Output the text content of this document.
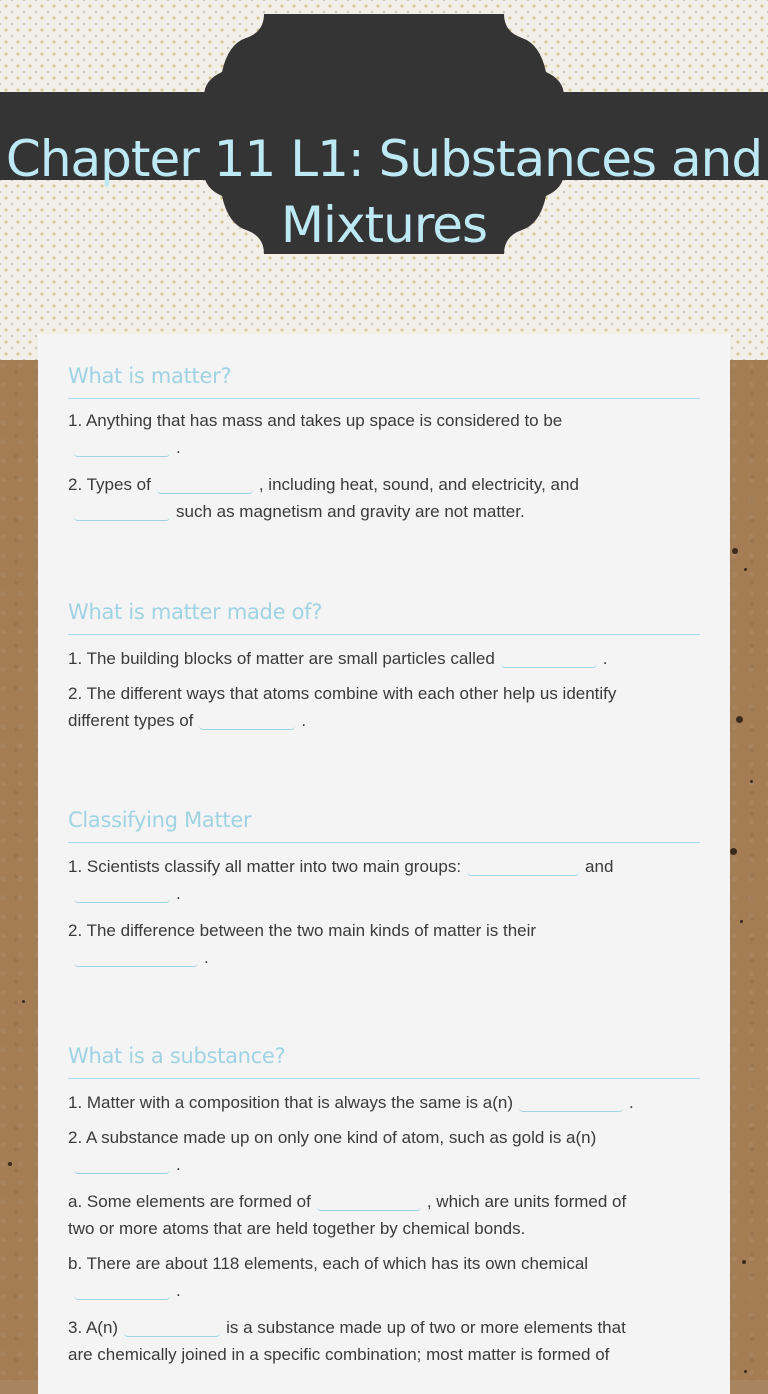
Chapter 11 L1: Substances and Mixtures
What is matter?

1. Anything that has mass and takes up space is considered to be
.

2. Types of	, including heat, sound, and electricity, and
such as magnetism and gravity are not matter.

What is matter made of?

1. The building blocks of matter are small particles called	.

2. The different ways that atoms combine with each other help us identify
different types of	.

Classifying Matter

1. Scientists classify all matter into two main groups:	and
.

2. The difference between the two main kinds of matter is their
.

What is a substance?

1. Matter with a composition that is always the same is a(n)	.

2. A substance made up on only one kind of atom, such as gold is a(n)
.

a. Some elements are formed of	, which are units formed of
two or more atoms that are held together by chemical bonds.

b. There are about 118 elements, each of which has its own chemical
.

3. A(n)	is a substance made up of two or more elements that
are chemically joined in a specific combination; most matter is formed of
